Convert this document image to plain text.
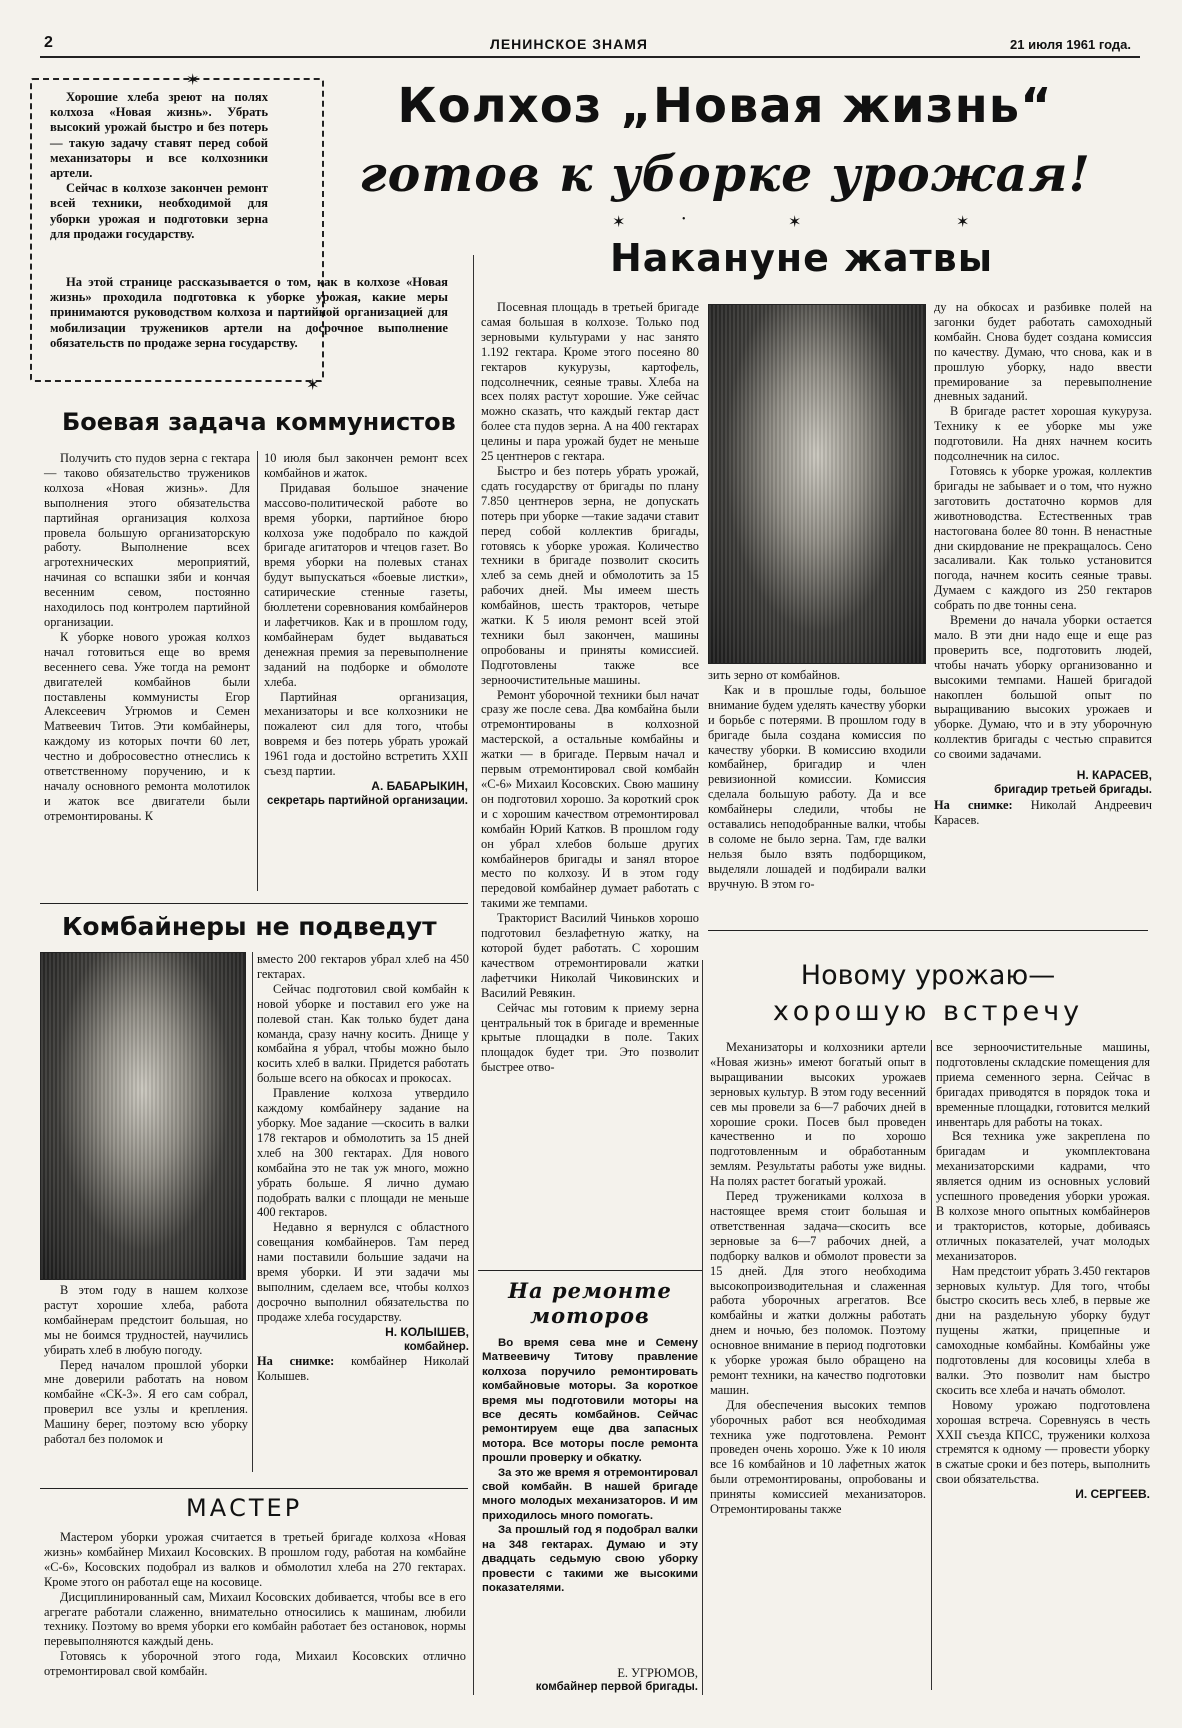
2	ЛЕНИНСКОЕ ЗНАМЯ	21 июля 1961 года.
✶
✶

Хорошие хлеба зреют на полях колхоза «Новая жизнь». Убрать высокий урожай быстро и без потерь — такую задачу ставят перед собой механизаторы и все колхозники артели.

Сейчас в колхозе закончен ремонт всей техники, необходимой для уборки урожая и подготовки зерна для продажи государству.

На этой странице рассказывается о том, как в колхозе «Новая жизнь» проходила подготовка к уборке урожая, какие меры принимаются руководством колхоза и партийной организацией для мобилизации тружеников артели на досрочное выполнение обязательств по продаже зерна государству.

Колхоз „Новая жизнь“
готов к уборке урожая!
✶	•	✶	✶
Накануне жатвы

Посевная площадь в третьей бригаде самая большая в колхозе. Только под зерновыми культурами у нас занято 1.192 гектара. Кроме этого посеяно 80 гектаров кукурузы, картофель, подсолнечник, сеяные травы. Хлеба на всех полях растут хорошие. Уже сейчас можно сказать, что каждый гектар даст более ста пудов зерна. А на 400 гектарах целины и пара урожай будет не меньше 25 центнеров с гектара.

Быстро и без потерь убрать урожай, сдать государству от бригады по плану 7.850 центнеров зерна, не допускать потерь при уборке —такие задачи ставит перед собой коллектив бригады, готовясь к уборке урожая. Количество техники в бригаде позволит скосить хлеб за семь дней и обмолотить за 15 рабочих дней. Мы имеем шесть комбайнов, шесть тракторов, четыре жатки. К 5 июля ремонт всей этой техники был закончен, машины опробованы и приняты комиссией. Подготовлены также все зерноочистительные машины.

Ремонт уборочной техники был начат сразу же после сева. Два комбайна были отремонтированы в колхозной мастерской, а остальные комбайны и жатки — в бригаде. Первым начал и первым отремонтировал свой комбайн «С-6» Михаил Косовских. Свою машину он подготовил хорошо. За короткий срок и с хорошим качеством отремонтировал комбайн Юрий Катков. В прошлом году он убрал хлебов больше других комбайнеров бригады и занял второе место по колхозу. И в этом году передовой комбайнер думает работать с такими же темпами.

Тракторист Василий Чиньков хорошо подготовил безлафетную жатку, на которой будет работать. С хорошим качеством отремонтировали жатки лафетчики Николай Чиковинских и Василий Ревякин.

Сейчас мы готовим к приему зерна центральный ток в бригаде и временные крытые площадки в поле. Таких площадок будет три. Это позволит быстрее отво-

зить зерно от комбайнов.

Как и в прошлые годы, большое внимание будем уделять качеству уборки и борьбе с потерями. В прошлом году в бригаде была создана комиссия по качеству уборки. В комиссию входили комбайнер, бригадир и член ревизионной комиссии. Комиссия сделала большую работу. Да и все комбайнеры следили, чтобы не оставались неподобранные валки, чтобы в соломе не было зерна. Там, где валки нельзя было взять подборщиком, выделяли лошадей и подбирали валки вручную. В этом го-

ду на обкосах и разбивке полей на загонки будет работать самоходный комбайн. Снова будет создана комиссия по качеству. Думаю, что снова, как и в прошлую уборку, надо ввести премирование за перевыполнение дневных заданий.

В бригаде растет хорошая кукуруза. Технику к ее уборке мы уже подготовили. На днях начнем косить подсолнечник на силос.

Готовясь к уборке урожая, коллектив бригады не забывает и о том, что нужно заготовить достаточно кормов для животноводства. Естественных трав настогована более 80 тонн. В ненастные дни скирдование не прекращалось. Сено засаливали. Как только установится погода, начнем косить сеяные травы. Думаем с каждого из 250 гектаров собрать по две тонны сена.

Времени до начала уборки остается мало. В эти дни надо еще и еще раз проверить все, подготовить людей, чтобы начать уборку организованно и высокими темпами. Нашей бригадой накоплен большой опыт по выращиванию высоких урожаев и уборке. Думаю, что и в эту уборочную коллектив бригады с честью справится со своими задачами.

Н. КАРАСЕВ,
бригадир третьей бригады.
На снимке: Николай Андреевич Карасев.
Боевая задача коммунистов

Получить сто пудов зерна с гектара — таково обязательство тружеников колхоза «Новая жизнь». Для выполнения этого обязательства партийная организация колхоза провела большую организаторскую работу. Выполнение всех агротехнических мероприятий, начиная со вспашки зяби и кончая весенним севом, постоянно находилось под контролем партийной организации.

К уборке нового урожая колхоз начал готовиться еще во время весеннего сева. Уже тогда на ремонт двигателей комбайнов были поставлены коммунисты Егор Алексеевич Угрюмов и Семен Матвеевич Титов. Эти комбайнеры, каждому из которых почти 60 лет, честно и добросовестно отнеслись к ответственному поручению, и к началу основного ремонта молотилок и жаток все двигатели были отремонтированы. К

10 июля был закончен ремонт всех комбайнов и жаток.

Придавая большое значение массово-политической работе во время уборки, партийное бюро колхоза уже подобрало по каждой бригаде агитаторов и чтецов газет. Во время уборки на полевых станах будут выпускаться «боевые листки», сатирические стенные газеты, бюллетени соревнования комбайнеров и лафетчиков. Как и в прошлом году, комбайнерам будет выдаваться денежная премия за перевыполнение заданий на подборке и обмолоте хлеба.

Партийная организация, механизаторы и все колхозники не пожалеют сил для того, чтобы вовремя и без потерь убрать урожай 1961 года и достойно встретить XXII съезд партии.

А. БАБАРЫКИН,
секретарь партийной организации.
Комбайнеры не подведут

В этом году в нашем колхозе растут хорошие хлеба, работа комбайнерам предстоит большая, но мы не боимся трудностей, научились убирать хлеб в любую погоду.

Перед началом прошлой уборки мне доверили работать на новом комбайне «СК-3». Я его сам собрал, проверил все узлы и крепления. Машину берег, поэтому всю уборку работал без поломок и

вместо 200 гектаров убрал хлеб на 450 гектарах.

Сейчас подготовил свой комбайн к новой уборке и поставил его уже на полевой стан. Как только будет дана команда, сразу начну косить. Днище у комбайна я убрал, чтобы можно было косить хлеб в валки. Придется работать больше всего на обкосах и прокосах.

Правление колхоза утвердило каждому комбайнеру задание на уборку. Мое задание —скосить в валки 178 гектаров и обмолотить за 15 дней хлеб на 300 гектарах. Для нового комбайна это не так уж много, можно убрать больше. Я лично думаю подобрать валки с площади не меньше 400 гектаров.

Недавно я вернулся с областного совещания комбайнеров. Там перед нами поставили большие задачи на время уборки. И эти задачи мы выполним, сделаем все, чтобы колхоз досрочно выполнил обязательства по продаже хлеба государству.

Н. КОЛЫШЕВ,
комбайнер.
На снимке: комбайнер Николай Колышев.
МАСТЕР

Мастером уборки урожая считается в третьей бригаде колхоза «Новая жизнь» комбайнер Михаил Косовских. В прошлом году, работая на комбайне «С-6», Косовских подобрал из валков и обмолотил хлеба на 270 гектарах. Кроме этого он работал еще на косовице.

Дисциплинированный сам, Михаил Косовских добивается, чтобы все в его агрегате работали слаженно, внимательно относились к машинам, любили технику. Поэтому во время уборки его комбайн работает без остановок, нормы перевыполняются каждый день.

Готовясь к уборочной этого года, Михаил Косовских отлично отремонтировал свой комбайн.

На ремонте
моторов

Во время сева мне и Семену Матвеевичу Титову правление колхоза поручило ремонтировать комбайновые моторы. За короткое время мы подготовили моторы на все десять комбайнов. Сейчас ремонтируем еще два запасных мотора. Все моторы после ремонта прошли проверку и обкатку.

За это же время я отремонтировал свой комбайн. В нашей бригаде много молодых механизаторов. И им приходилось много помогать.

За прошлый год я подобрал валки на 348 гектарах. Думаю и эту двадцать седьмую свою уборку провести с такими же высокими показателями.

Е. УГРЮМОВ,
комбайнер первой бригады.
Новому урожаю—
хорошую встречу

Механизаторы и колхозники артели «Новая жизнь» имеют богатый опыт в выращивании высоких урожаев зерновых культур. В этом году весенний сев мы провели за 6—7 рабочих дней в хорошие сроки. Посев был проведен качественно и по хорошо подготовленным и обработанным землям. Результаты работы уже видны. На полях растет богатый урожай.

Перед тружениками колхоза в настоящее время стоит большая и ответственная задача—скосить все зерновые за 6—7 рабочих дней, а подборку валков и обмолот провести за 15 дней. Для этого необходима высокопроизводительная и слаженная работа уборочных агрегатов. Все комбайны и жатки должны работать днем и ночью, без поломок. Поэтому основное внимание в период подготовки к уборке урожая было обращено на ремонт техники, на качество подготовки машин.

Для обеспечения высоких темпов уборочных работ вся необходимая техника уже подготовлена. Ремонт проведен очень хорошо. Уже к 10 июля все 16 комбайнов и 10 лафетных жаток были отремонтированы, опробованы и приняты комиссией механизаторов. Отремонтированы также

все зерноочистительные машины, подготовлены складские помещения для приема семенного зерна. Сейчас в бригадах приводятся в порядок тока и временные площадки, готовится мелкий инвентарь для работы на токах.

Вся техника уже закреплена по бригадам и укомплектована механизаторскими кадрами, что является одним из основных условий успешного проведения уборки урожая. В колхозе много опытных комбайнеров и трактористов, которые, добиваясь отличных показателей, учат молодых механизаторов.

Нам предстоит убрать 3.450 гектаров зерновых культур. Для того, чтобы быстро скосить весь хлеб, в первые же дни на раздельную уборку будут пущены жатки, прицепные и самоходные комбайны. Комбайны уже подготовлены для косовицы хлеба в валки. Это позволит нам быстро скосить все хлеба и начать обмолот.

Новому урожаю подготовлена хорошая встреча. Соревнуясь в честь XXII съезда КПСС, труженики колхоза стремятся к одному — провести уборку в сжатые сроки и без потерь, выполнить свои обязательства.

И. СЕРГЕЕВ.
